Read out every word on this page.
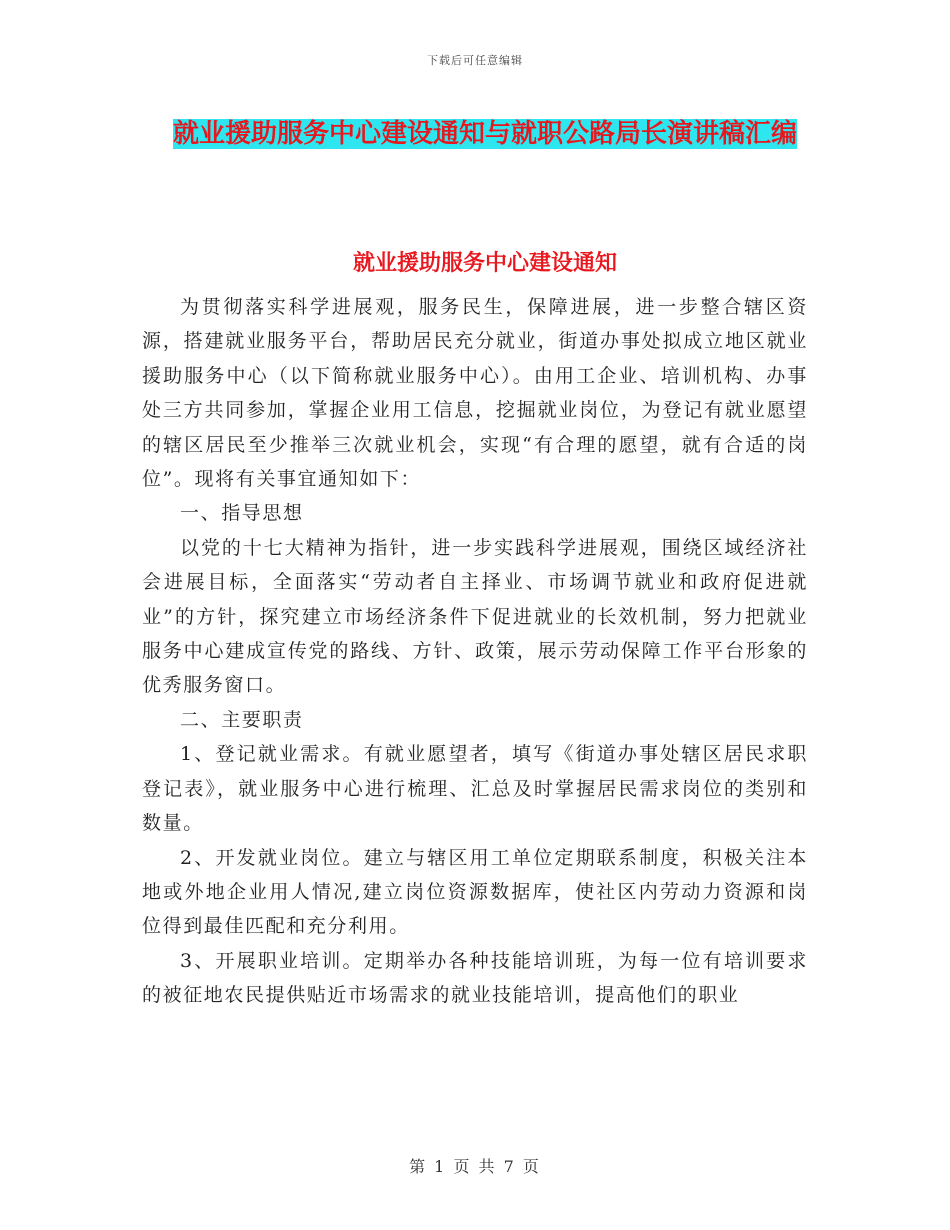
下载后可任意编辑
就业援助服务中心建设通知与就职公路局长演讲稿汇编
就业援助服务中心建设通知

为贯彻落实科学进展观，服务民生，保障进展，进一步整合辖区资源，搭建就业服务平台，帮助居民充分就业，街道办事处拟成立地区就业援助服务中心（以下简称就业服务中心）。由用工企业、培训机构、办事处三方共同参加，掌握企业用工信息，挖掘就业岗位，为登记有就业愿望的辖区居民至少推举三次就业机会，实现“有合理的愿望，就有合适的岗位”。现将有关事宜通知如下：

一、指导思想

以党的十七大精神为指针，进一步实践科学进展观，围绕区域经济社会进展目标，全面落实“劳动者自主择业、市场调节就业和政府促进就业”的方针，探究建立市场经济条件下促进就业的长效机制，努力把就业服务中心建成宣传党的路线、方针、政策，展示劳动保障工作平台形象的优秀服务窗口。

二、主要职责

1、登记就业需求。有就业愿望者，填写《街道办事处辖区居民求职登记表》，就业服务中心进行梳理、汇总及时掌握居民需求岗位的类别和数量。

2、开发就业岗位。建立与辖区用工单位定期联系制度，积极关注本地或外地企业用人情况,建立岗位资源数据库，使社区内劳动力资源和岗位得到最佳匹配和充分利用。

3、开展职业培训。定期举办各种技能培训班，为每一位有培训要求的被征地农民提供贴近市场需求的就业技能培训，提高他们的职业

第 1 页 共 7 页
